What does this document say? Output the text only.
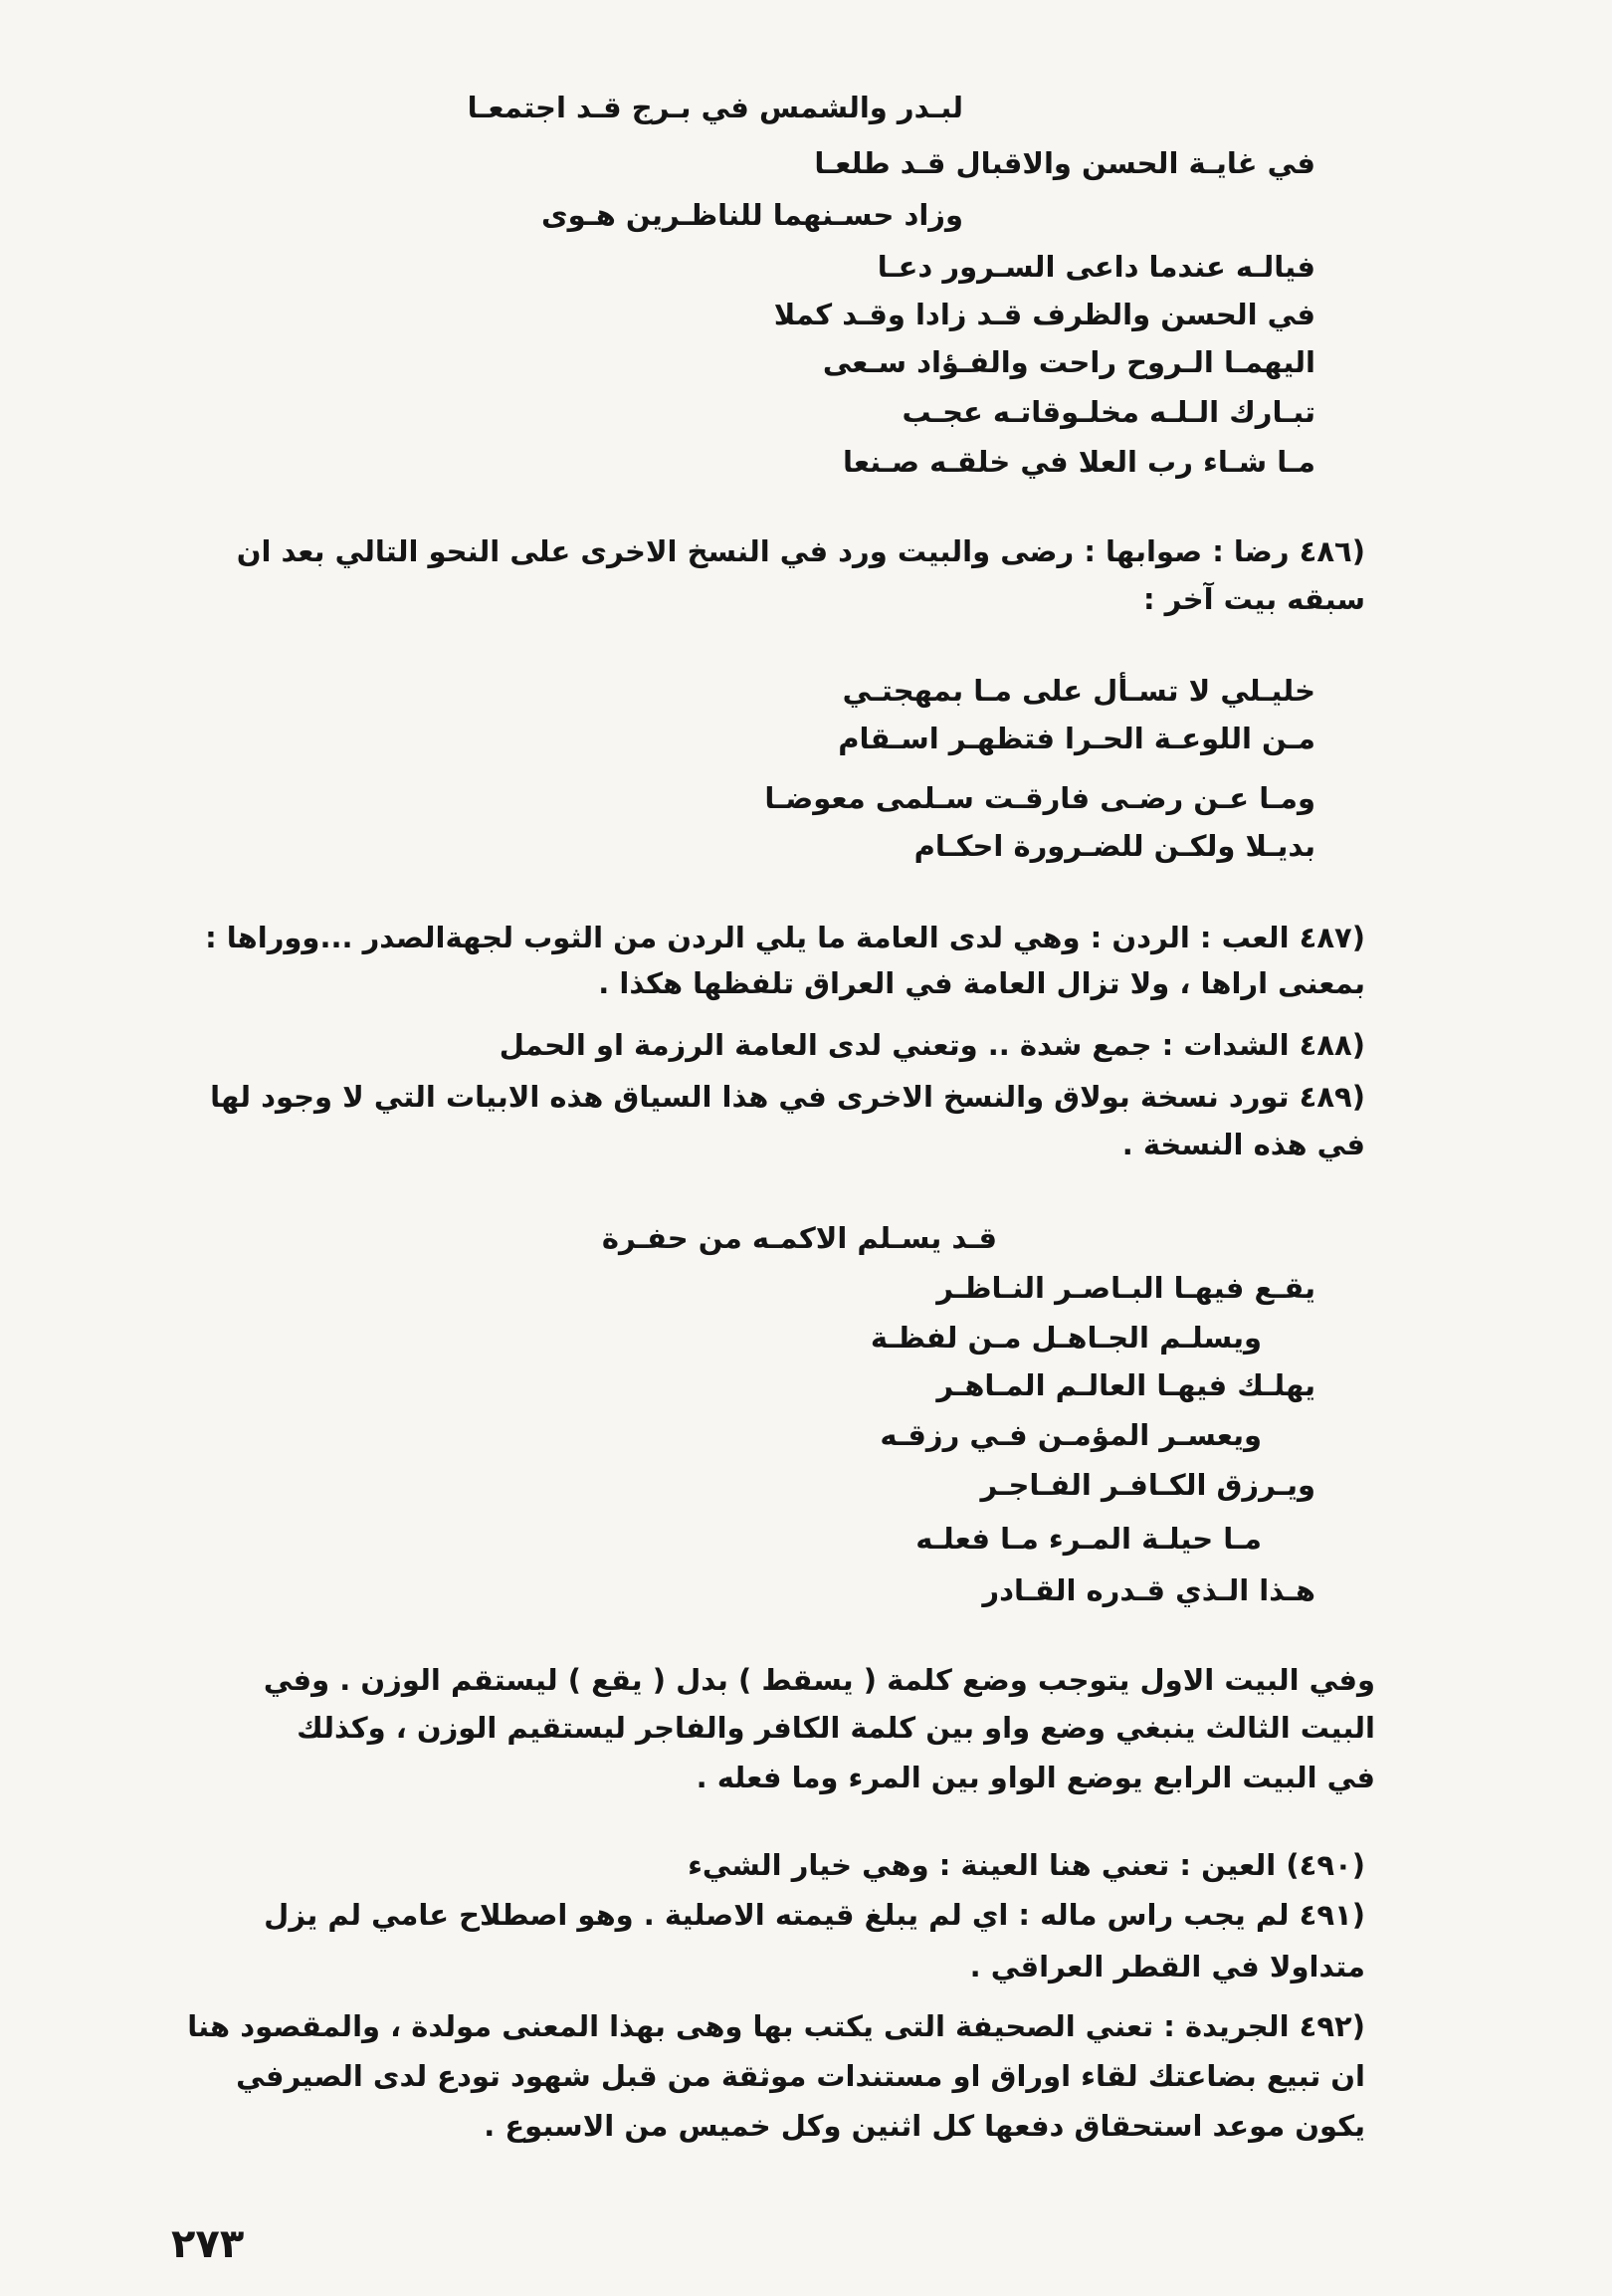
لبـدر والشمس في بـرج قـد اجتمعـا
في غايـة الحسن والاقبال قـد طلعـا
وزاد حسـنهما للناظـرين هـوى
فيالـه عندما داعى السـرور دعـا
في الحسن والظرف قـد زادا وقـد كملا
اليهمـا الـروح راحت والفـؤاد سـعى
تبـارك الـلـه مخلـوقاتـه عجـب
مـا شـاء رب العلا في خلقـه صـنعا
(٤٨٦ رضا : صوابها : رضى والبيت ورد في النسخ الاخرى على النحو التالي بعد ان
سبقه بيت آخر :
خليـلي لا تسـأل على مـا بمهجتـي
مـن اللوعـة الحـرا فتظهـر اسـقام
ومـا عـن رضـى فارقـت سـلمى معوضـا
بديـلا ولكـن للضـرورة احكـام
(٤٨٧ العب : الردن : وهي لدى العامة ما يلي الردن من الثوب لجهةالصدر ...ووراها :
بمعنى اراها ، ولا تزال العامة في العراق تلفظها هكذا .
(٤٨٨ الشدات : جمع شدة .. وتعني لدى العامة الرزمة او الحمل
(٤٨٩ تورد نسخة بولاق والنسخ الاخرى في هذا السياق هذه الابيات التي لا وجود لها
في هذه النسخة .
قـد يسـلم الاكمـه من حفـرة
يقـع فيهـا البـاصـر النـاظـر
ويسلـم الجـاهـل مـن لفظـة
يهلـك فيهـا العالـم المـاهـر
ويعسـر المؤمـن فـي رزقـه
ويـرزق الكـافـر الفـاجـر
مـا حيلـة المـرء مـا فعلـه
هـذا الـذي قـدره القـادر
وفي البيت الاول يتوجب وضع كلمة ( يسقط ) بدل ( يقع ) ليستقم الوزن . وفي
البيت الثالث ينبغي وضع واو بين كلمة الكافر والفاجر ليستقيم الوزن ، وكذلك
في البيت الرابع يوضع الواو بين المرء وما فعله .
(٤٩٠) العين : تعني هنا العينة : وهي خيار الشيء
(٤٩١ لم يجب راس ماله : اي لم يبلغ قيمته الاصلية . وهو اصطلاح عامي لم يزل
متداولا في القطر العراقي .
(٤٩٢ الجريدة : تعني الصحيفة التى يكتب بها وهى بهذا المعنى مولدة ، والمقصود هنا
ان تبيع بضاعتك لقاء اوراق او مستندات موثقة من قبل شهود تودع لدى الصيرفي
يكون موعد استحقاق دفعها كل اثنين وكل خميس من الاسبوع .
٢٧٣
